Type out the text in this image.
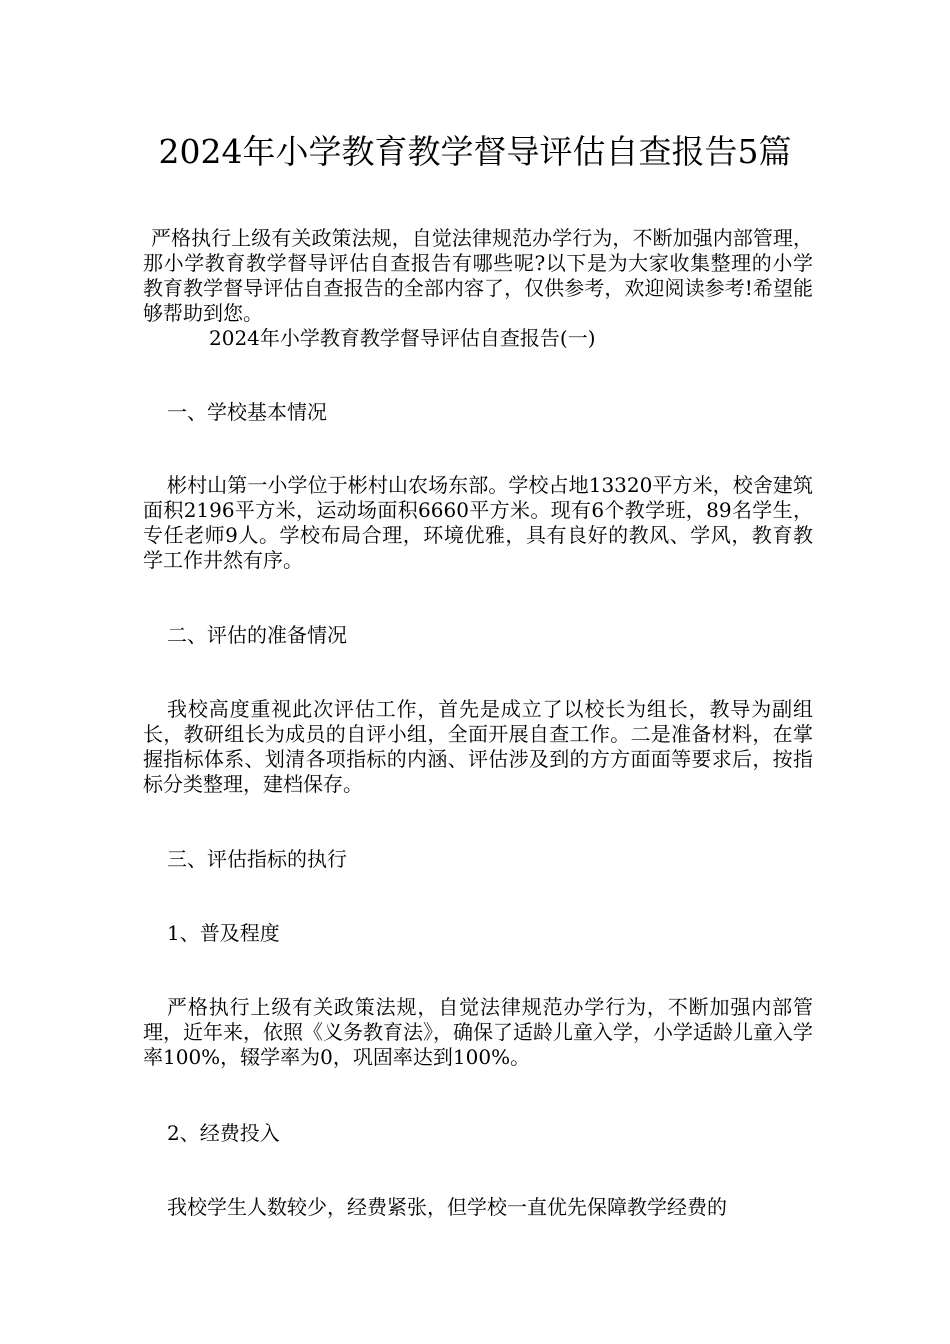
2024年小学教育教学督导评估自查报告5篇
严格执行上级有关政策法规，自觉法律规范办学行为，不断加强内部管理，那小学教育教学督导评估自查报告有哪些呢?以下是为大家收集整理的小学教育教学督导评估自查报告的全部内容了，仅供参考，欢迎阅读参考!希望能够帮助到您。
2024年小学教育教学督导评估自查报告(一)
一、学校基本情况
彬村山第一小学位于彬村山农场东部。学校占地13320平方米，校舍建筑面积2196平方米，运动场面积6660平方米。现有6个教学班，89名学生，专任老师9人。学校布局合理，环境优雅，具有良好的教风、学风，教育教学工作井然有序。
二、评估的准备情况
我校高度重视此次评估工作，首先是成立了以校长为组长，教导为副组长，教研组长为成员的自评小组，全面开展自查工作。二是准备材料，在掌握指标体系、划清各项指标的内涵、评估涉及到的方方面面等要求后，按指标分类整理，建档保存。
三、评估指标的执行
1、普及程度
严格执行上级有关政策法规，自觉法律规范办学行为，不断加强内部管理，近年来，依照《义务教育法》，确保了适龄儿童入学，小学适龄儿童入学率100%，辍学率为0，巩固率达到100%。
2、经费投入
我校学生人数较少，经费紧张，但学校一直优先保障教学经费的
